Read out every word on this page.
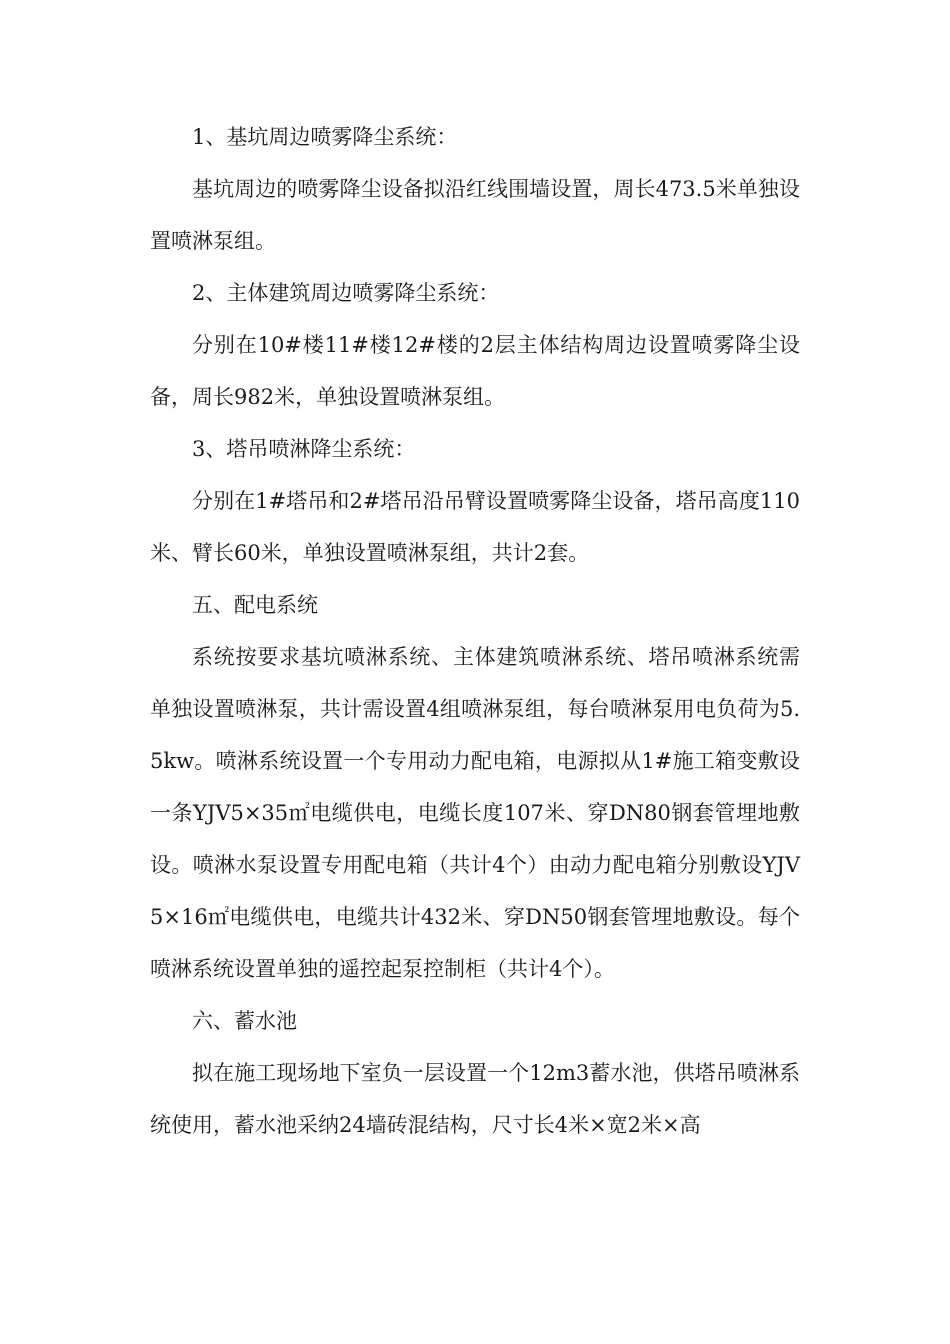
1、基坑周边喷雾降尘系统：

基坑周边的喷雾降尘设备拟沿红线围墙设置，周长473.5米单独设置喷淋泵组。

2、主体建筑周边喷雾降尘系统：

分别在10#楼11#楼12#楼的2层主体结构周边设置喷雾降尘设备，周长982米，单独设置喷淋泵组。

3、塔吊喷淋降尘系统：

分别在1#塔吊和2#塔吊沿吊臂设置喷雾降尘设备，塔吊高度110米、臂长60米，单独设置喷淋泵组，共计2套。

五、配电系统

系统按要求基坑喷淋系统、主体建筑喷淋系统、塔吊喷淋系统需单独设置喷淋泵，共计需设置4组喷淋泵组，每台喷淋泵用电负荷为5.5kw。喷淋系统设置一个专用动力配电箱，电源拟从1#施工箱变敷设一条YJV5×35㎡电缆供电，电缆长度107米、穿DN80钢套管埋地敷设。喷淋水泵设置专用配电箱（共计4个）由动力配电箱分别敷设YJV5×16㎡电缆供电，电缆共计432米、穿DN50钢套管埋地敷设。每个喷淋系统设置单独的遥控起泵控制柜（共计4个）。

六、蓄水池

拟在施工现场地下室负一层设置一个12m3蓄水池，供塔吊喷淋系统使用，蓄水池采纳24墙砖混结构，尺寸长4米×宽2米×高
